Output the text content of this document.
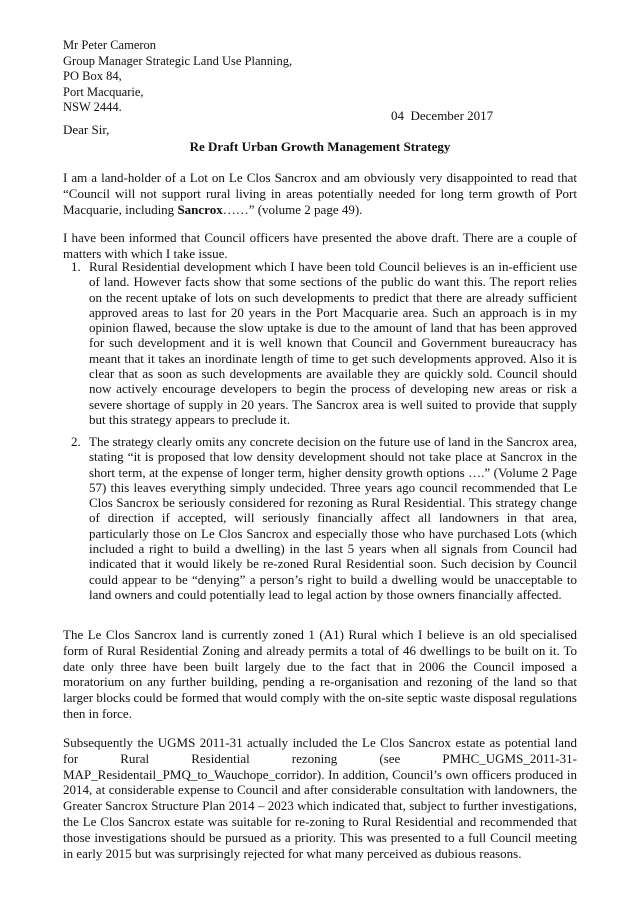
Mr Peter Cameron
Group Manager Strategic Land Use Planning,
PO Box 84,
Port Macquarie,
NSW 2444.
04  December 2017
Dear Sir,
Re Draft Urban Growth Management Strategy
I am a land-holder of a Lot on Le Clos Sancrox and am obviously very disappointed to read that “Council will not support rural living in areas potentially needed for long term growth of Port Macquarie, including Sancrox……” (volume 2 page 49).
I have been informed that Council officers have presented the above draft. There are a couple of matters with which I take issue.
1. Rural Residential development which I have been told Council believes is an in-efficient use of land. However facts show that some sections of the public do want this. The report relies on the recent uptake of lots on such developments to predict that there are already sufficient approved areas to last for 20 years in the Port Macquarie area. Such an approach is in my opinion flawed, because the slow uptake is due to the amount of land that has been approved for such development and it is well known that Council and Government bureaucracy has meant that it takes an inordinate length of time to get such developments approved. Also it is clear that as soon as such developments are available they are quickly sold. Council should now actively encourage developers to begin the process of developing new areas or risk a severe shortage of supply in 20 years. The Sancrox area is well suited to provide that supply but this strategy appears to preclude it.
2. The strategy clearly omits any concrete decision on the future use of land in the Sancrox area, stating “it is proposed that low density development should not take place at Sancrox in the short term, at the expense of longer term, higher density growth options ….” (Volume 2 Page 57) this leaves everything simply undecided. Three years ago council recommended that Le Clos Sancrox be seriously considered for rezoning as Rural Residential. This strategy change of direction if accepted, will seriously financially affect all landowners in that area, particularly those on Le Clos Sancrox and especially those who have purchased Lots (which included a right to build a dwelling) in the last 5 years when all signals from Council had indicated that it would likely be re-zoned Rural Residential soon. Such decision by Council could appear to be “denying” a person’s right to build a dwelling would be unacceptable to land owners and could potentially lead to legal action by those owners financially affected.
The Le Clos Sancrox land is currently zoned 1 (A1) Rural which I believe is an old specialised form of Rural Residential Zoning and already permits a total of 46 dwellings to be built on it. To date only three have been built largely due to the fact that in 2006 the Council imposed a moratorium on any further building, pending a re-organisation and rezoning of the land so that larger blocks could be formed that would comply with the on-site septic waste disposal regulations then in force.
Subsequently the UGMS 2011-31 actually included the Le Clos Sancrox estate as potential land for Rural Residential rezoning (see PMHC_UGMS_2011-31-MAP_Residentail_PMQ_to_Wauchope_corridor). In addition, Council’s own officers produced in 2014, at considerable expense to Council and after considerable consultation with landowners, the Greater Sancrox Structure Plan 2014 – 2023 which indicated that, subject to further investigations, the Le Clos Sancrox estate was suitable for re-zoning to Rural Residential and recommended that those investigations should be pursued as a priority. This was presented to a full Council meeting in early 2015 but was surprisingly rejected for what many perceived as dubious reasons.
